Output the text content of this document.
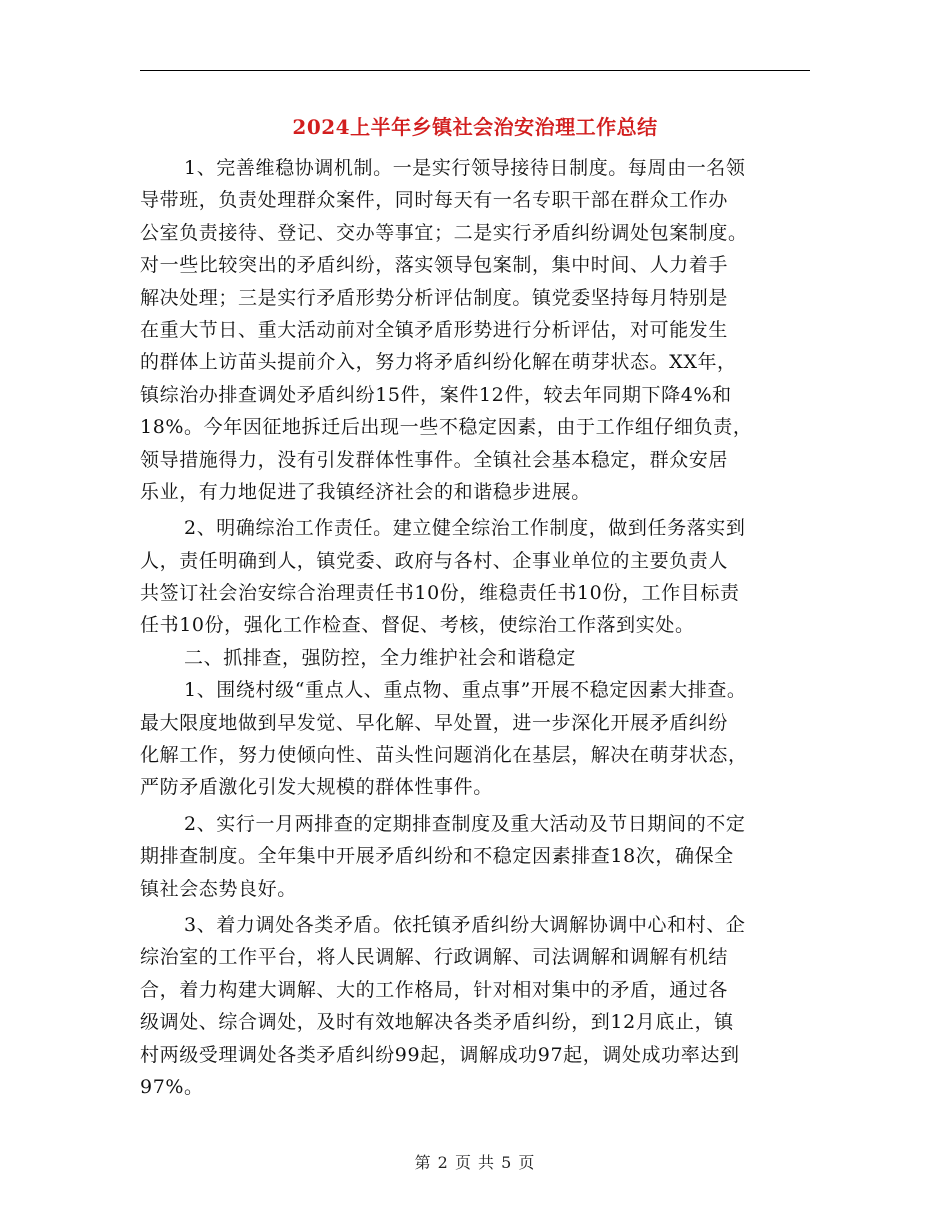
2024上半年乡镇社会治安治理工作总结
1、完善维稳协调机制。一是实行领导接待日制度。每周由一名领
导带班，负责处理群众案件，同时每天有一名专职干部在群众工作办
公室负责接待、登记、交办等事宜；二是实行矛盾纠纷调处包案制度。
对一些比较突出的矛盾纠纷，落实领导包案制，集中时间、人力着手
解决处理；三是实行矛盾形势分析评估制度。镇党委坚持每月特别是
在重大节日、重大活动前对全镇矛盾形势进行分析评估，对可能发生
的群体上访苗头提前介入，努力将矛盾纠纷化解在萌芽状态。XX年，
镇综治办排查调处矛盾纠纷15件，案件12件，较去年同期下降4%和
18%。今年因征地拆迁后出现一些不稳定因素，由于工作组仔细负责，
领导措施得力，没有引发群体性事件。全镇社会基本稳定，群众安居
乐业，有力地促进了我镇经济社会的和谐稳步进展。
2、明确综治工作责任。建立健全综治工作制度，做到任务落实到
人，责任明确到人，镇党委、政府与各村、企事业单位的主要负责人
共签订社会治安综合治理责任书10份，维稳责任书10份，工作目标责
任书10份，强化工作检查、督促、考核，使综治工作落到实处。
二、抓排查，强防控，全力维护社会和谐稳定
1、围绕村级“重点人、重点物、重点事”开展不稳定因素大排查。
最大限度地做到早发觉、早化解、早处置，进一步深化开展矛盾纠纷
化解工作，努力使倾向性、苗头性问题消化在基层，解决在萌芽状态，
严防矛盾激化引发大规模的群体性事件。
2、实行一月两排查的定期排查制度及重大活动及节日期间的不定
期排查制度。全年集中开展矛盾纠纷和不稳定因素排查18次，确保全
镇社会态势良好。
3、着力调处各类矛盾。依托镇矛盾纠纷大调解协调中心和村、企
综治室的工作平台，将人民调解、行政调解、司法调解和调解有机结
合，着力构建大调解、大的工作格局，针对相对集中的矛盾，通过各
级调处、综合调处，及时有效地解决各类矛盾纠纷，到12月底止，镇
村两级受理调处各类矛盾纠纷99起，调解成功97起，调处成功率达到
97%。
第 2 页 共 5 页
